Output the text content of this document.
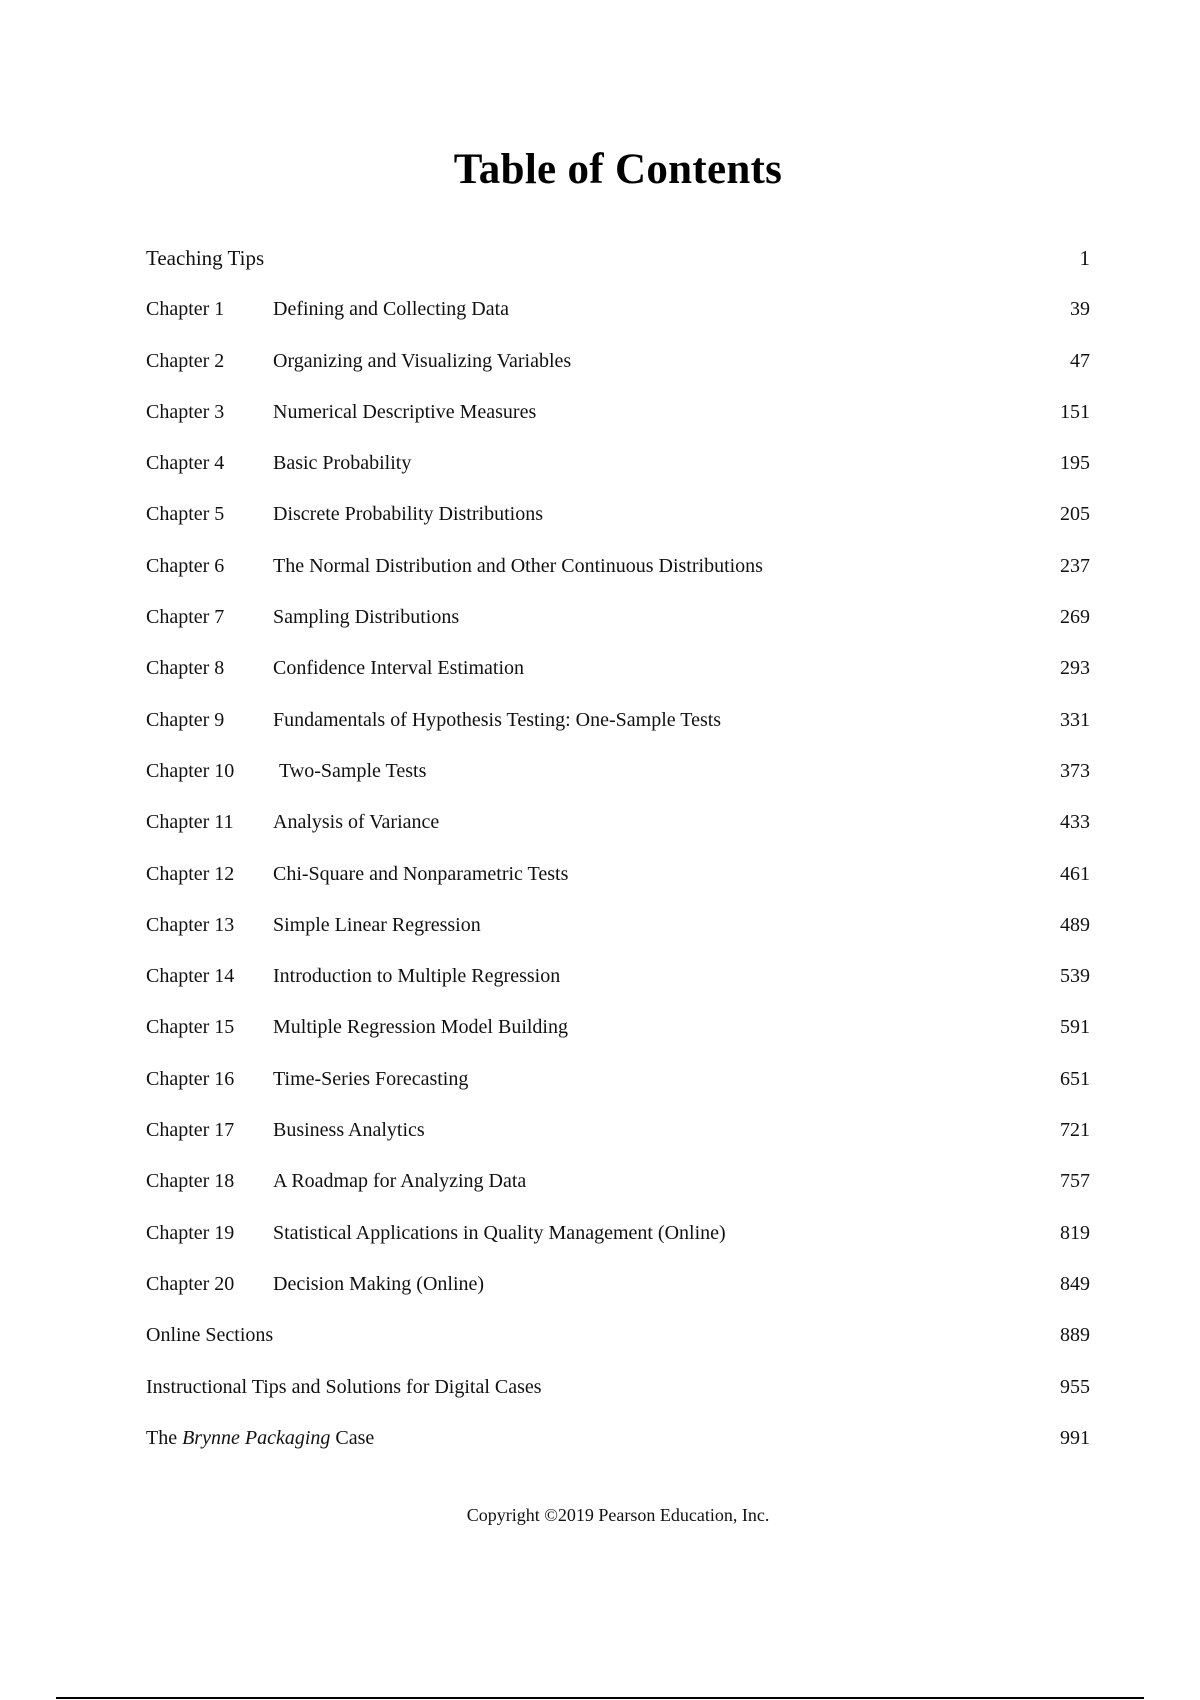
Table of Contents
Teaching Tips	1
Chapter 1	Defining and Collecting Data	39
Chapter 2	Organizing and Visualizing Variables	47
Chapter 3	Numerical Descriptive Measures	151
Chapter 4	Basic Probability	195
Chapter 5	Discrete Probability Distributions	205
Chapter 6	The Normal Distribution and Other Continuous Distributions	237
Chapter 7	Sampling Distributions	269
Chapter 8	Confidence Interval Estimation	293
Chapter 9	Fundamentals of Hypothesis Testing: One-Sample Tests	331
Chapter 10	Two-Sample Tests	373
Chapter 11	Analysis of Variance	433
Chapter 12	Chi-Square and Nonparametric Tests	461
Chapter 13	Simple Linear Regression	489
Chapter 14	Introduction to Multiple Regression	539
Chapter 15	Multiple Regression Model Building	591
Chapter 16	Time-Series Forecasting	651
Chapter 17	Business Analytics	721
Chapter 18	A Roadmap for Analyzing Data	757
Chapter 19	Statistical Applications in Quality Management (Online)	819
Chapter 20	Decision Making (Online)	849
Online Sections	889
Instructional Tips and Solutions for Digital Cases	955
The Brynne Packaging Case	991
Copyright ©2019 Pearson Education, Inc.
